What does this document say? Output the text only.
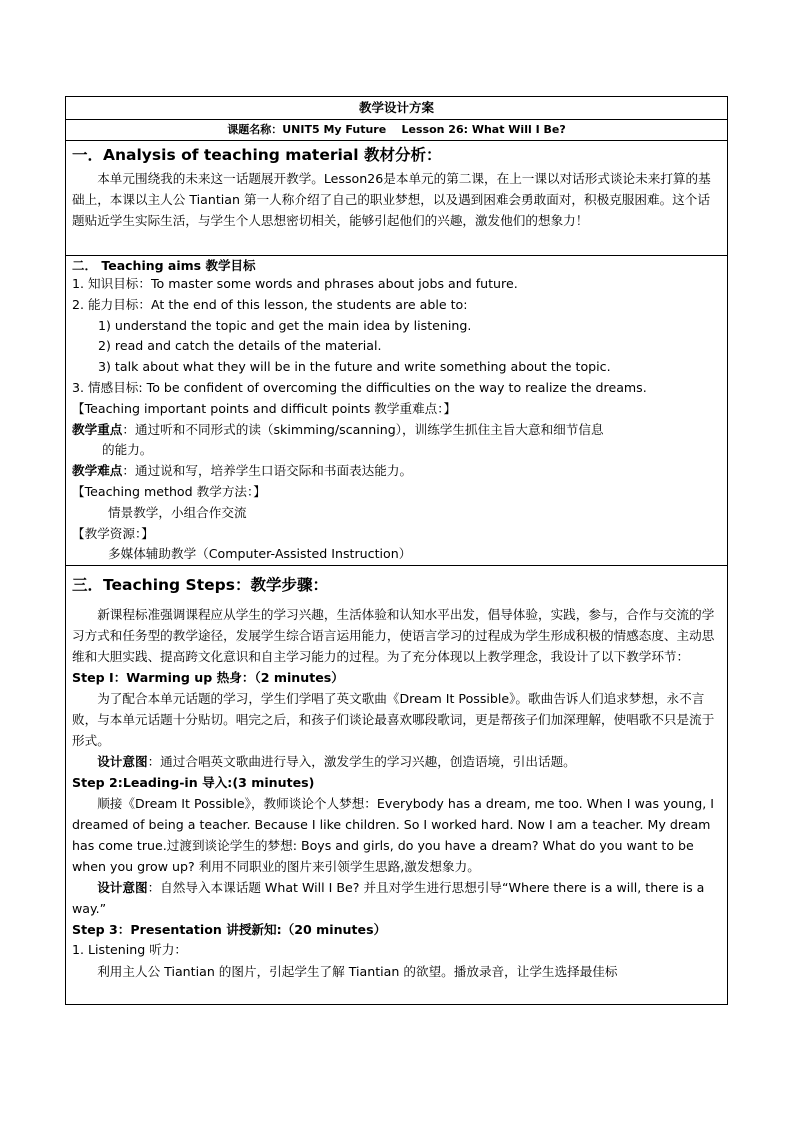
教学设计方案
课题名称：UNIT5 My Future    Lesson 26: What Will I Be?

一．Analysis of teaching material 教材分析：

本单元围绕我的未来这一话题展开教学。Lesson26是本单元的第二课，在上一课以对话形式谈论未来打算的基础上，本课以主人公 Tiantian 第一人称介绍了自己的职业梦想，以及遇到困难会勇敢面对，积极克服困难。这个话题贴近学生实际生活，与学生个人思想密切相关，能够引起他们的兴趣，激发他们的想象力！

二． Teaching aims 教学目标

1. 知识目标：To master some words and phrases about jobs and future.

2. 能力目标：At the end of this lesson, the students are able to:

1) understand the topic and get the main idea by listening.

2) read and catch the details of the material.

3) talk about what they will be in the future and write something about the topic.

3. 情感目标: To be confident of overcoming the difficulties on the way to realize the dreams.

【Teaching important points and difficult points 教学重难点：】

教学重点：通过听和不同形式的读（skimming/scanning），训练学生抓住主旨大意和细节信息

的能力。

教学难点：通过说和写，培养学生口语交际和书面表达能力。

【Teaching method 教学方法：】

情景教学，小组合作交流

【教学资源：】

多媒体辅助教学（Computer-Assisted Instruction）

三．Teaching Steps：教学步骤：

新课程标准强调课程应从学生的学习兴趣，生活体验和认知水平出发，倡导体验，实践，参与，合作与交流的学习方式和任务型的教学途径，发展学生综合语言运用能力，使语言学习的过程成为学生形成积极的情感态度、主动思维和大胆实践、提高跨文化意识和自主学习能力的过程。为了充分体现以上教学理念，我设计了以下教学环节：

Step I：Warming up 热身：（2 minutes）

为了配合本单元话题的学习，学生们学唱了英文歌曲《Dream It Possible》。歌曲告诉人们追求梦想，永不言败，与本单元话题十分贴切。唱完之后，和孩子们谈论最喜欢哪段歌词，更是帮孩子们加深理解，使唱歌不只是流于形式。

设计意图：通过合唱英文歌曲进行导入，激发学生的学习兴趣，创造语境，引出话题。

Step 2:Leading-in 导入:(3 minutes)

顺接《Dream It Possible》，教师谈论个人梦想：Everybody has a dream, me too. When I was young, I dreamed of being a teacher. Because I like children. So I worked hard. Now I am a teacher. My dream has come true.过渡到谈论学生的梦想: Boys and girls, do you have a dream? What do you want to be when you grow up? 利用不同职业的图片来引领学生思路,激发想象力。

设计意图：自然导入本课话题 What Will I Be? 并且对学生进行思想引导“Where there is a will, there is a way.”

Step 3：Presentation 讲授新知:（20 minutes）

1. Listening 听力：

利用主人公 Tiantian 的图片，引起学生了解 Tiantian 的欲望。播放录音，让学生选择最佳标
